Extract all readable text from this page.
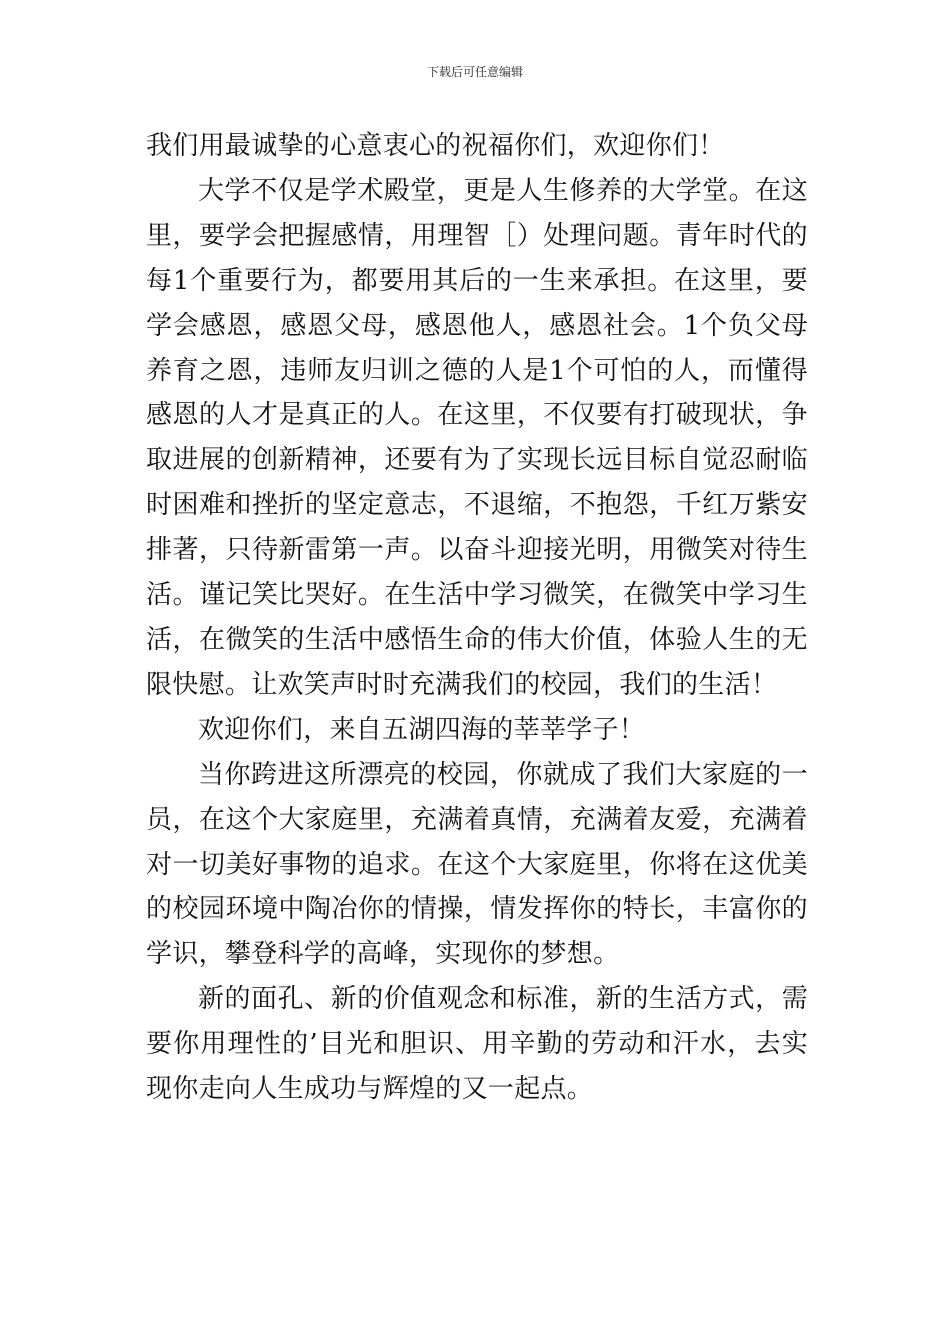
下载后可任意编辑

我们用最诚挚的心意衷心的祝福你们，欢迎你们！

大学不仅是学术殿堂，更是人生修养的大学堂。在这里，要学会把握感情，用理智［）处理问题。青年时代的每1个重要行为，都要用其后的一生来承担。在这里，要学会感恩，感恩父母，感恩他人，感恩社会。1个负父母养育之恩，违师友归训之德的人是1个可怕的人，而懂得感恩的人才是真正的人。在这里，不仅要有打破现状，争取进展的创新精神，还要有为了实现长远目标自觉忍耐临时困难和挫折的坚定意志，不退缩，不抱怨，千红万紫安排著，只待新雷第一声。以奋斗迎接光明，用微笑对待生活。谨记笑比哭好。在生活中学习微笑，在微笑中学习生活，在微笑的生活中感悟生命的伟大价值，体验人生的无限快慰。让欢笑声时时充满我们的校园，我们的生活！

欢迎你们，来自五湖四海的莘莘学子！

当你跨进这所漂亮的校园，你就成了我们大家庭的一员，在这个大家庭里，充满着真情，充满着友爱，充满着对一切美好事物的追求。在这个大家庭里，你将在这优美的校园环境中陶冶你的情操，情发挥你的特长，丰富你的学识，攀登科学的高峰，实现你的梦想。

新的面孔、新的价值观念和标准，新的生活方式，需要你用理性的’目光和胆识、用辛勤的劳动和汗水，去实现你走向人生成功与辉煌的又一起点。
